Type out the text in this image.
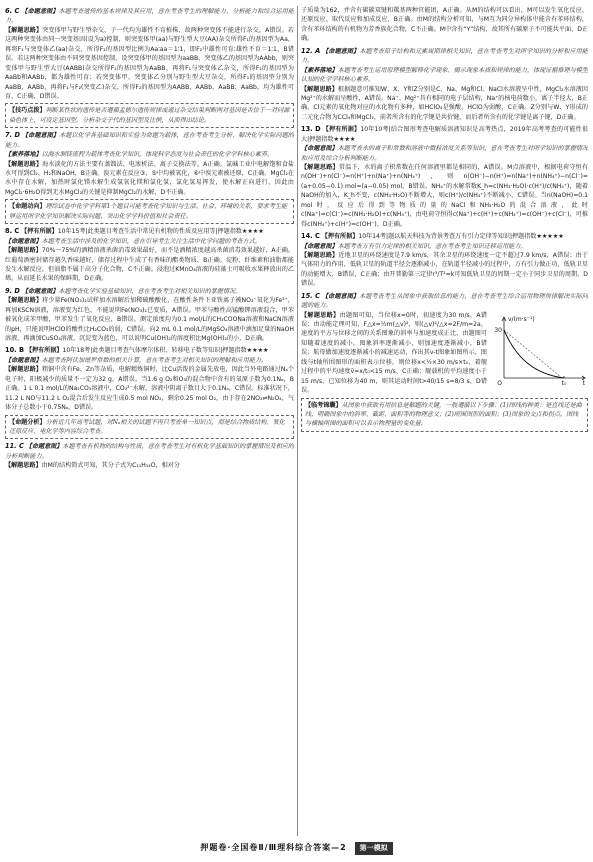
6. C 【命题意图】本题考查遗传的基本规律及其应用，意在考查考生的理解能力、分析能力和综合运用能力。
【解题思路】突变体甲与野生型杂交，子一代均为雄性不育植株，故两种突变体不能进行杂交，A错误。若这两种突变体由同一突变基因(设为a)控制，则突变体甲(aa)与野生型大豆(AA)杂交所得F₁的基因型为Aa，再将F₁与突变体乙(aa)杂交，所得F₂的基因型比例为Aa∶aa＝1∶1，即F₂中雄性可育∶雄性不育＝1∶1，B错误。若这两种突变体由不同突变基因控制，设突变体甲的基因型为aaBB，突变体乙的基因型为AAbb，则突变体甲与野生型大豆(AABB)杂交所得F₁的基因型为AaBB，再将F₁与突变体乙杂交，所得F₂的基因型为AaBb和AABb，都为雄性可育；若突变体甲、突变体乙分别与野生型大豆杂交，所得F₁的基因型分别为AaBB、AABb，再将F₁与F₂(突变乙)杂交，所得F₂的基因型为AABB、AABb、AaBB、AaBb，均为雄性可育，C正确，D错误。
【技巧点拨】判断某性状的遗传是否遵循孟德尔遗传规律或通过杂交结果判断两对基因是否位于一对同源染色体上，可设定基因型，分析杂交子代的基因型及比例，从而得出结论。
7. D 【命题意图】本题以化学各基础知识和实验为命题为载体，意在考查考生分析、解决化学实际问题的能力。
【素养落地】以海水制镁流程为载体考查化学知识，体现科学态度与社会责任的化学学科核心素养。
【解题思路】海水淡化的方法主要有蒸馏法、电渗析法、离子交换法等，A正确。氯碱工业中电解饱和食盐水可得到Cl₂、H₂和NaOH，B正确。溴元素在反应③、⑤中均被氧化，⑥中溴元素被还原，C正确。MgCl₂在水中存在水解，加热时氯化镁水解生成氢氧化镁和氯化氢，氯化氢易挥发，使水解正向进行，因此由MgCl₂·6H₂O得到无水MgCl₂的关键是抑制MgCl₂的水解，D不正确。
【命题动向】理综试卷中化学学科第1个题目可能考查化学知识与生活、社会、环境的关系，要求考生能够运用所学化学知识解决实际问题，突出化学学科价值和社会责任。
8. C 【押有所据】10年15考|此类题目考查生活中常见有机物的性质及应用等|押题指数★★★★
【命题意图】本题考查生活中涉及的化学知识，意在引导考生关注生活中化学问题的考查方式。
【解题思路】70%～75%的酒精溶液杀菌消毒效果最好，而不是酒精浓度越高杀菌消毒效果越好，A正确。红葡萄酒密封储存越久香味越好，储存过程中生成了有香味的酯类物质，B正确。淀粉、纤维素和油脂都能发生水解反应，但油脂不属于高分子化合物，C不正确。浸泡过KMnO₄溶液的硅藻土可吸收水果释放出的乙烯，从而延长水果的保鲜期，D正确。
9. D 【命题意图】本题考查化学实验基础知识，意在考查考生对相关知识的掌握情况。
【解题思路】将少量Fe(NO₃)₂试样加水溶解后加稀硫酸酸化，在酸性条件下亚铁离子被NO₃⁻氧化为Fe³⁺，再加KSCN溶液，溶液变为红色，不能说明Fe(NO₃)₂已变质，A错误。甲苯与酸性高锰酸钾溶液混合，甲苯被氧化成苯甲酸，甲苯发生了氧化反应，B错误。测定浓度均为0.1 mol/L的CH₃COONa溶液和NaCN溶液的pH，只能说明HClO的酸性比H₂CO₃的弱，C错误。向2 mL 0.1 mol/L的MgSO₄溶液中滴加足量的NaOH溶液，再滴加CuSO₄溶液，沉淀变为蓝色，可以说明Cu(OH)₂的溶度积比Mg(OH)₂的小，D正确。
10. B 【押有所据】10年18考|此类题目考查气体摩尔体积、转移电子数等知识|押题指数★★★★
【命题意图】本题考查阿伏加德罗常数的相关计算，意在考查考生对相关知识的理解和应用能力。
【解题思路】粗铜中含有Fe、Zn等杂质，电解精炼铜时，比Cu活泼的金属先放电，因此当外电路通过Nₐ个电子时，阳极减少的质量不一定为32 g，A错误。当1.6 g O₂和O₃的混合物中含有的氧原子数为0.1Nₐ，B正确。1 L 0.1 mol/L的Na₂CO₃溶液中，CO₃²⁻水解，溶液中阴离子数目大于0.1Nₐ，C错误。标准状况下，11.2 L NO与11.2 L O₂混合后发生反应生成0.5 mol NO₂，剩余0.25 mol O₂，由于存在2NO₂⇌N₂O₄，气体分子总数小于0.75Nₐ，D错误。
【命题分析】分析近几年高考试题，对Nₐ相关的试题不再只考查单一知识点，而是结合物质结构、氧化还原反应、电化学等内容综合考查。
11. C 【命题意图】本题考查有机物的结构与性质，意在考查考生对有机化学基础知识的掌握情况及相应的分析判断能力。
【解题思路】由M的结构简式可知，其分子式为C₁₁H₁₄O，相对分
子质量为162，并含有碳碳双键和羰基两种官能团，A正确。从M的结构可以看出，M可以发生氧化反应、还原反应、取代反应和加成反应，B正确。由M的结构分析可知，与M互为同分异构体中能含有苯环结构，含有苯环结构的有机物为芳香族化合物，C不正确。M中含有“Y”结构，故其所有碳原子不可能共平面，D正确。
12. A 【命题意图】本题考查原子结构和元素周期律相关知识，意在考查考生对所学知识的分析和应用能力。
【素养落地】本题考查考生运用原理模型解释化学现象、揭示现象本质和规律的能力，体现证据推理与模型认知的化学学科核心素养。
【解题思路】根据题意可推知W、X、Y和Z分别是C、Na、Mg和Cl。NaCl水溶液呈中性，MgCl₂水溶液因Mg²⁺的水解而呈酸性，A错误。Na⁺、Mg²⁺具有相同的电子层结构，Na⁺的核电荷数小，离子半径大，B正确。Cl元素的氧化物对应的水化物有多种，如HClO₄是强酸，HClO为弱酸，C正确。Z分别与W、Y形成的二元化合物为CCl₄和MgCl₂，前者所含有的化学键是共价键，而后者所含有的化学键是离子键，D正确。
13. D 【押有所据】10年10考|结合图形考查电解质溶液知识是高考热点，2019年高考考查的可能性很大|押题指数★★★★
【命题意图】本题考查水的离子积常数和溶液中微粒浓度关系等知识，意在考查考生对所学知识的掌握情况和应用及综合分析判断能力。
【解题思路】常温下，水的离子积常数在任何溶液里都是相同的，A错误。M点溶液中，根据电荷守恒有n(OH⁻)+n(Cl⁻)=n(H⁺)+n(Na⁺)+n(NH₄⁺)，则n(OH⁻)−n(H⁺)=n(Na⁺)+n(NH₄⁺)−n(Cl⁻)=(a+0.05−0.1) mol=(a−0.05) mol，B错误。NH₄⁺的水解常数K_h=c(NH₃·H₂O)·c(H⁺)/c(NH₄⁺)，随着NaOH的加入，K_h不变，c(NH₃·H₂O)不断增大，则c(H⁺)/c(NH₄⁺)不断减小，C错误。当n(NaOH)=0.1 mol时，反应后得到等物质的量的NaCl和NH₃·H₂O的混合溶液，此时c(Na⁺)=c(Cl⁻)=c(NH₃·H₂O)+c(NH₄⁺)，由电荷守恒得c(Na⁺)+c(H⁺)+c(NH₄⁺)=c(OH⁻)+c(Cl⁻)，可推得c(NH₄⁺)+c(H⁺)=c(OH⁻)，D正确。
14. C 【押有所据】10年14考|题以航天科技为背景考查万有引力定律等知识|押题指数★★★★★
【命题意图】本题考查万有引力定律的相关知识，意在考查考生知识迁移运用能力。
【解题思路】近地卫星的环绕速度是7.9 km/s，其余卫星的环绕速度一定不超过7.9 km/s，A错误；由于气体阻力的作用，低轨卫星的轨道半径会逐渐减小，在轨道半径减小的过程中，万有引力做正功，低轨卫星的动能增大，B错误，C正确；由开普勒第三定律r³/T²=k可知低轨卫星的周期一定小于同步卫星的周期，D错误。
15. C 【命题意图】本题考查考生从图象中获取信息的能力，意在考查考生综合运用物理规律解决实际问题的能力。
【解题思路】
v/(m·s⁻¹)
30
t₀	t
O
由题图可知，当位移x=0时，初速度为30 m/s，A错误；由动能定理可知，F△x=½m(△v)²，则(△v)²/△x=2F/m=2a，速度的平方与位移之间的关系图象的斜率与加速度成正比，由题图可知随着速度的减小，图象斜率逐渐减小，则加速度逐渐减小，B错误；航母做加速度逐渐减小的减速运动，作出其v-t图象如图所示，图线与t轴所围图形的面积表示位移，则位移x<½×30 m/s×t₀，着舰过程中的平均速度v̄=x/t₀<15 m/s，C正确；舰载机的平均速度小于15 m/s，已知位移为40 m，则其运动时间t>40/15 s=8/3 s，D错误。
【临考锦囊】从图象中获取有用信息是解题的关键，一般遵循以下步骤：(1)图线的种类：是直线还是曲线，明确图象中的斜率、截距、面积等的物理意义；(2)所围图形的面积；(3)图象的交点和拐点。图线与横轴所围的面积可以表示物理量的变化量。
押题卷·全国卷Ⅱ/Ⅲ理科综合答案—2 第一模拟
